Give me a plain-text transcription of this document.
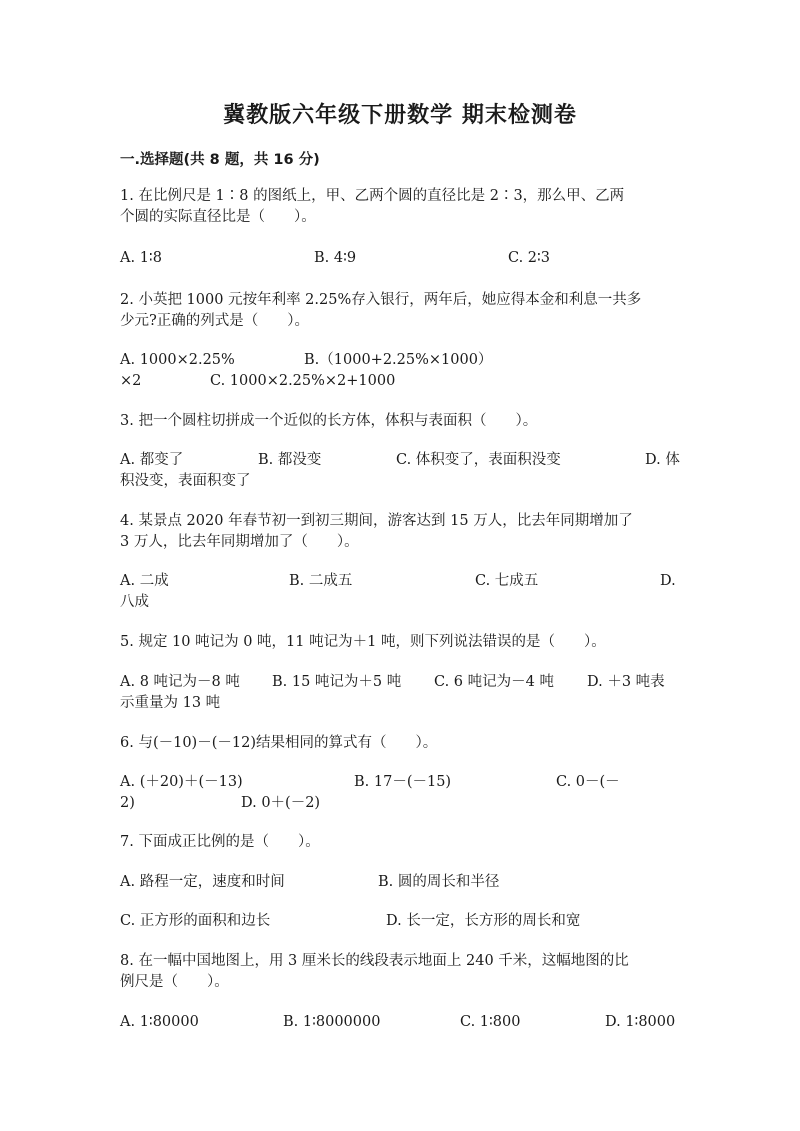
冀教版六年级下册数学 期末检测卷
一.选择题(共 8 题，共 16 分)
1. 在比例尺是 1∶8 的图纸上，甲、乙两个圆的直径比是 2∶3，那么甲、乙两
个圆的实际直径比是（　　）。
A. 1∶8	B. 4∶9	C. 2∶3
2. 小英把 1000 元按年利率 2.25%存入银行，两年后，她应得本金和利息一共多
少元?正确的列式是（　　）。
A. 1000×2.25%	B.（1000+2.25%×1000）
×2	C. 1000×2.25%×2+1000
3. 把一个圆柱切拼成一个近似的长方体，体积与表面积（　　）。
A. 都变了	B. 都没变	C. 体积变了，表面积没变	D. 体
积没变，表面积变了
4. 某景点 2020 年春节初一到初三期间，游客达到 15 万人，比去年同期增加了
3 万人，比去年同期增加了（　　）。
A. 二成	B. 二成五	C. 七成五	D.
八成
5. 规定 10 吨记为 0 吨，11 吨记为＋1 吨，则下列说法错误的是（　　）。
A. 8 吨记为－8 吨 B. 15 吨记为＋5 吨 C. 6 吨记为－4 吨 D. ＋3 吨表
示重量为 13 吨
6. 与(－10)－(－12)结果相同的算式有（　　）。
A. (＋20)＋(－13)	B. 17－(－15)	C. 0－(－
2)	D. 0＋(－2)
7. 下面成正比例的是（　　）。
A. 路程一定，速度和时间	B. 圆的周长和半径
C. 正方形的面积和边长	D. 长一定，长方形的周长和宽
8. 在一幅中国地图上，用 3 厘米长的线段表示地面上 240 千米，这幅地图的比
例尺是（　　）。
A. 1∶80000	B. 1∶8000000	C. 1∶800	D. 1∶8000
